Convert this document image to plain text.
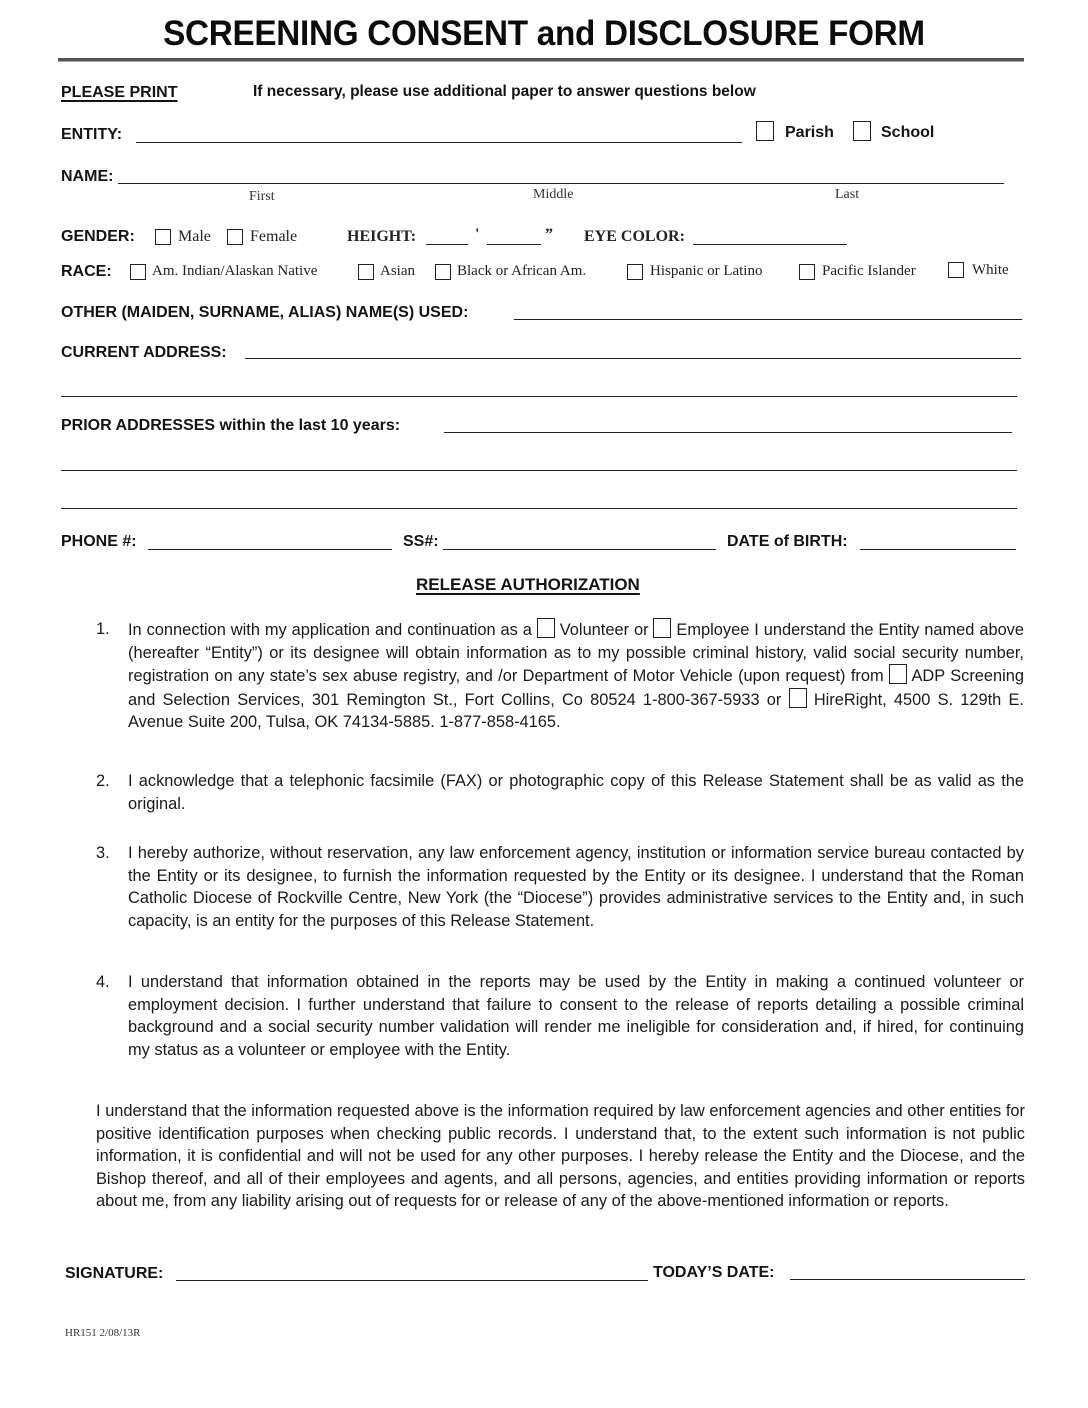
SCREENING CONSENT and DISCLOSURE FORM
PLEASE PRINT	If necessary, please use additional paper to answer questions below
ENTITY:	Parish	School
NAME:
First	Middle	Last
GENDER:	Male Female	HEIGHT:	'	” EYE COLOR:
RACE:	Am. Indian/Alaskan Native	Asian	Black or African Am.	Hispanic or Latino	Pacific Islander	White
OTHER (MAIDEN, SURNAME, ALIAS) NAME(S) USED:
CURRENT ADDRESS:
PRIOR ADDRESSES within the last 10 years:
PHONE #:	SS#:	DATE of BIRTH:
RELEASE AUTHORIZATION
1. In connection with my application and continuation as a Volunteer or Employee I understand the Entity named above (hereafter “Entity”) or its designee will obtain information as to my possible criminal history, valid social security number, registration on any state’s sex abuse registry, and /or Department of Motor Vehicle (upon request) from ADP Screening and Selection Services, 301 Remington St., Fort Collins, Co 80524 1-800-367-5933 or HireRight, 4500 S. 129th E. Avenue Suite 200, Tulsa, OK 74134-5885. 1-877-858-4165.
2. I acknowledge that a telephonic facsimile (FAX) or photographic copy of this Release Statement shall be as valid as the original.
3. I hereby authorize, without reservation, any law enforcement agency, institution or information service bureau contacted by the Entity or its designee, to furnish the information requested by the Entity or its designee. I understand that the Roman Catholic Diocese of Rockville Centre, New York (the “Diocese”) provides administrative services to the Entity and, in such capacity, is an entity for the purposes of this Release Statement.
4. I understand that information obtained in the reports may be used by the Entity in making a continued volunteer or employment decision. I further understand that failure to consent to the release of reports detailing a possible criminal background and a social security number validation will render me ineligible for consideration and, if hired, for continuing my status as a volunteer or employee with the Entity.
I understand that the information requested above is the information required by law enforcement agencies and other entities for positive identification purposes when checking public records. I understand that, to the extent such information is not public information, it is confidential and will not be used for any other purposes. I hereby release the Entity and the Diocese, and the Bishop thereof, and all of their employees and agents, and all persons, agencies, and entities providing information or reports about me, from any liability arising out of requests for or release of any of the above-mentioned information or reports.
SIGNATURE:	TODAY’S DATE:
HR151 2/08/13R
